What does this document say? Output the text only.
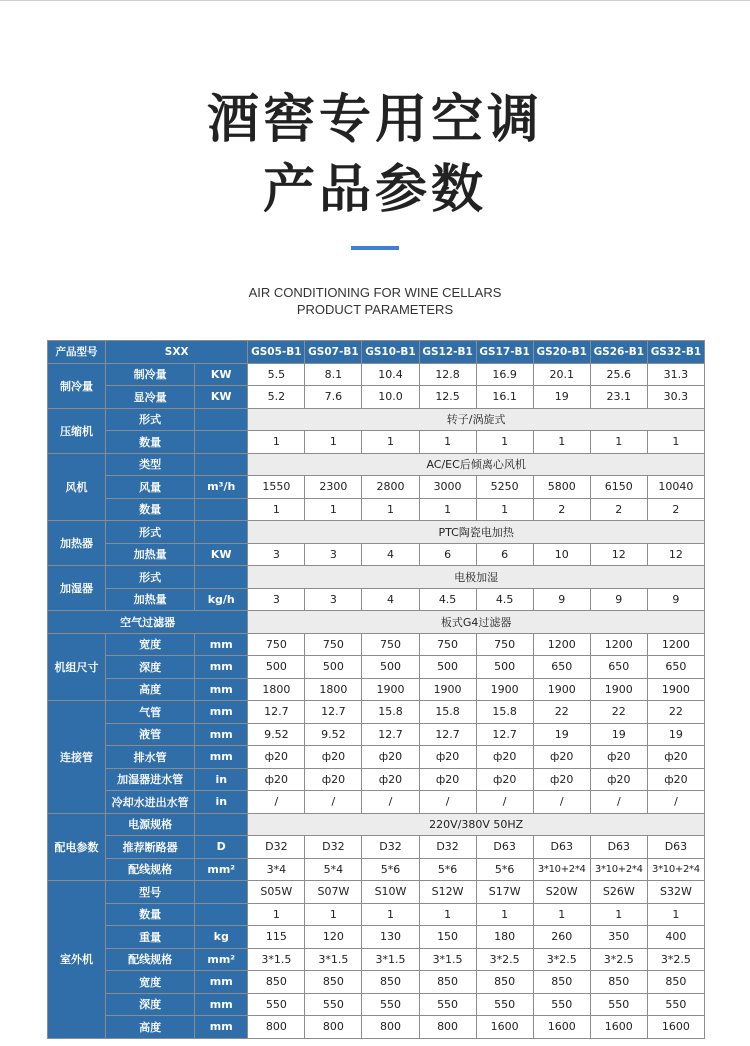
酒窖专用空调
产品参数
AIR CONDITIONING FOR WINE CELLARS
PRODUCT PARAMETERS
产品型号	SXX		GS05-B1	GS07-B1	GS10-B1	GS12-B1	GS17-B1	GS20-B1	GS26-B1	GS32-B1
制冷量	制冷量	KW	5.5	8.1	10.4	12.8	16.9	20.1	25.6	31.3
	显冷量	KW	5.2	7.6	10.0	12.5	16.1	19	23.1	30.3
压缩机	形式		转子/涡旋式							
	数量		1	1	1	1	1	1	1	1
风机	类型		AC/EC后倾离心风机							
	风量	m³/h	1550	2300	2800	3000	5250	5800	6150	10040
	数量		1	1	1	1	1	2	2	2
加热器	形式		PTC陶瓷电加热							
	加热量	KW	3	3	4	6	6	10	12	12
加湿器	形式		电极加湿							
	加热量	kg/h	3	3	4	4.5	4.5	9	9	9
空气过滤器			板式G4过滤器							
机组尺寸	宽度	mm	750	750	750	750	750	1200	1200	1200
	深度	mm	500	500	500	500	500	650	650	650
	高度	mm	1800	1800	1900	1900	1900	1900	1900	1900
连接管	气管	mm	12.7	12.7	15.8	15.8	15.8	22	22	22
	液管	mm	9.52	9.52	12.7	12.7	12.7	19	19	19
	排水管	mm	ф20	ф20	ф20	ф20	ф20	ф20	ф20	ф20
	加湿器进水管	in	ф20	ф20	ф20	ф20	ф20	ф20	ф20	ф20
	冷却水进出水管	in	/	/	/	/	/	/	/	/
配电参数	电源规格		220V/380V 50HZ							
	推荐断路器	D	D32	D32	D32	D32	D63	D63	D63	D63
	配线规格	mm²	3*4	5*4	5*6	5*6	5*6	3*10+2*4	3*10+2*4	3*10+2*4
室外机	型号		S05W	S07W	S10W	S12W	S17W	S20W	S26W	S32W
	数量		1	1	1	1	1	1	1	1
	重量	kg	115	120	130	150	180	260	350	400
	配线规格	mm²	3*1.5	3*1.5	3*1.5	3*1.5	3*2.5	3*2.5	3*2.5	3*2.5
	宽度	mm	850	850	850	850	850	850	850	850
	深度	mm	550	550	550	550	550	550	550	550
	高度	mm	800	800	800	800	1600	1600	1600	1600
